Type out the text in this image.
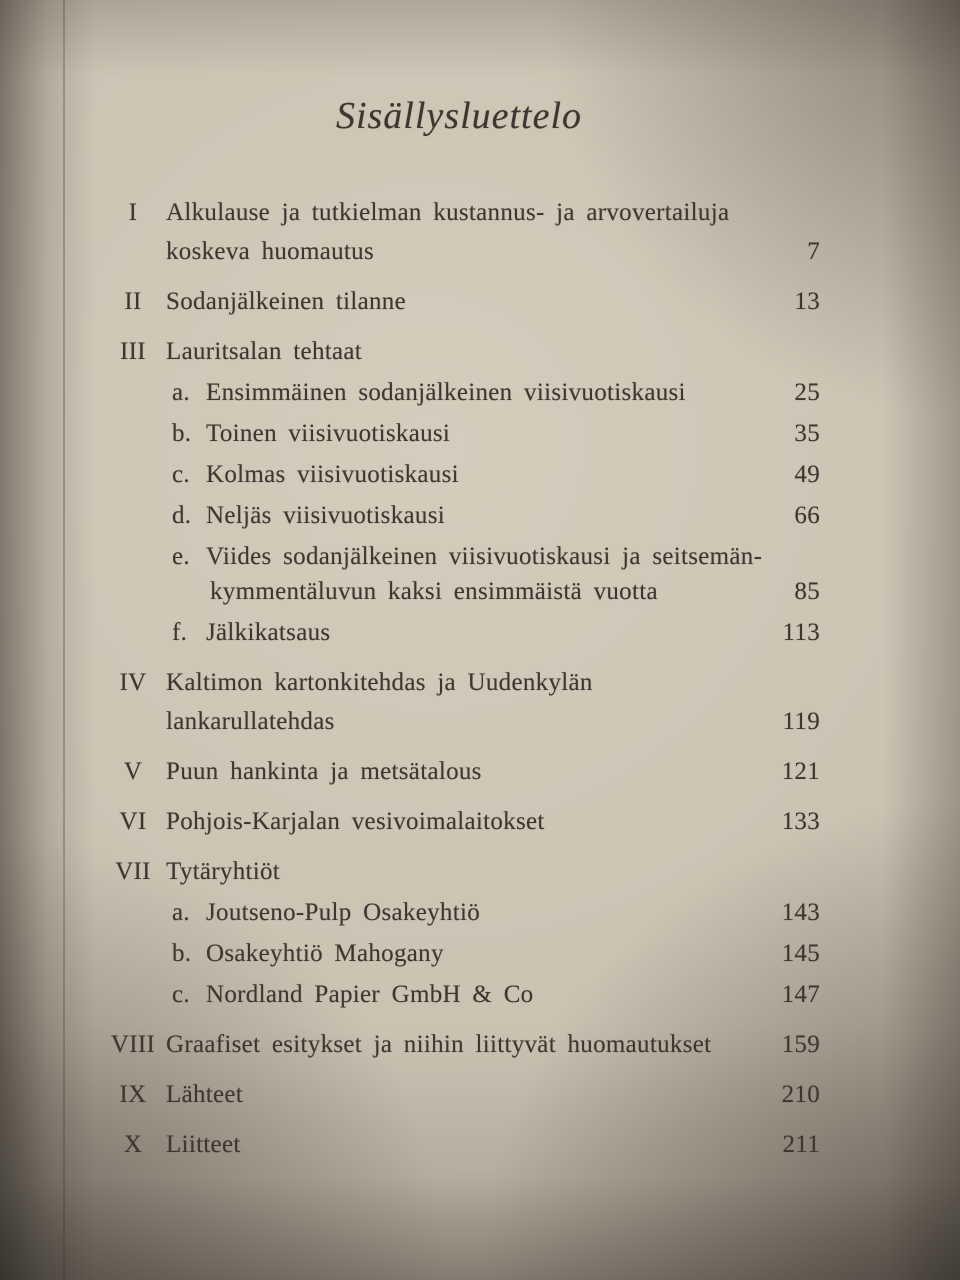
Sisällysluettelo
I	Alkulause ja tutkielman kustannus- ja arvovertailuja
koskeva huomautus	7
II Sodanjälkeinen tilanne	13
III Lauritsalan tehtaat
a. Ensimmäinen sodanjälkeinen viisivuotiskausi	25
b. Toinen viisivuotiskausi	35
c. Kolmas viisivuotiskausi	49
d. Neljäs viisivuotiskausi	66
e. Viides sodanjälkeinen viisivuotiskausi ja seitsemän-
kymmentäluvun kaksi ensimmäistä vuotta	85
f. Jälkikatsaus	113
IV Kaltimon kartonkitehdas ja Uudenkylän
lankarullatehdas	119
V Puun hankinta ja metsätalous	121
VI Pohjois-Karjalan vesivoimalaitokset	133
VII Tytäryhtiöt
a. Joutseno-Pulp Osakeyhtiö	143
b. Osakeyhtiö Mahogany	145
c. Nordland Papier GmbH & Co	147
VIII Graafiset esitykset ja niihin liittyvät huomautukset	159
IX Lähteet	210
X Liitteet	211
